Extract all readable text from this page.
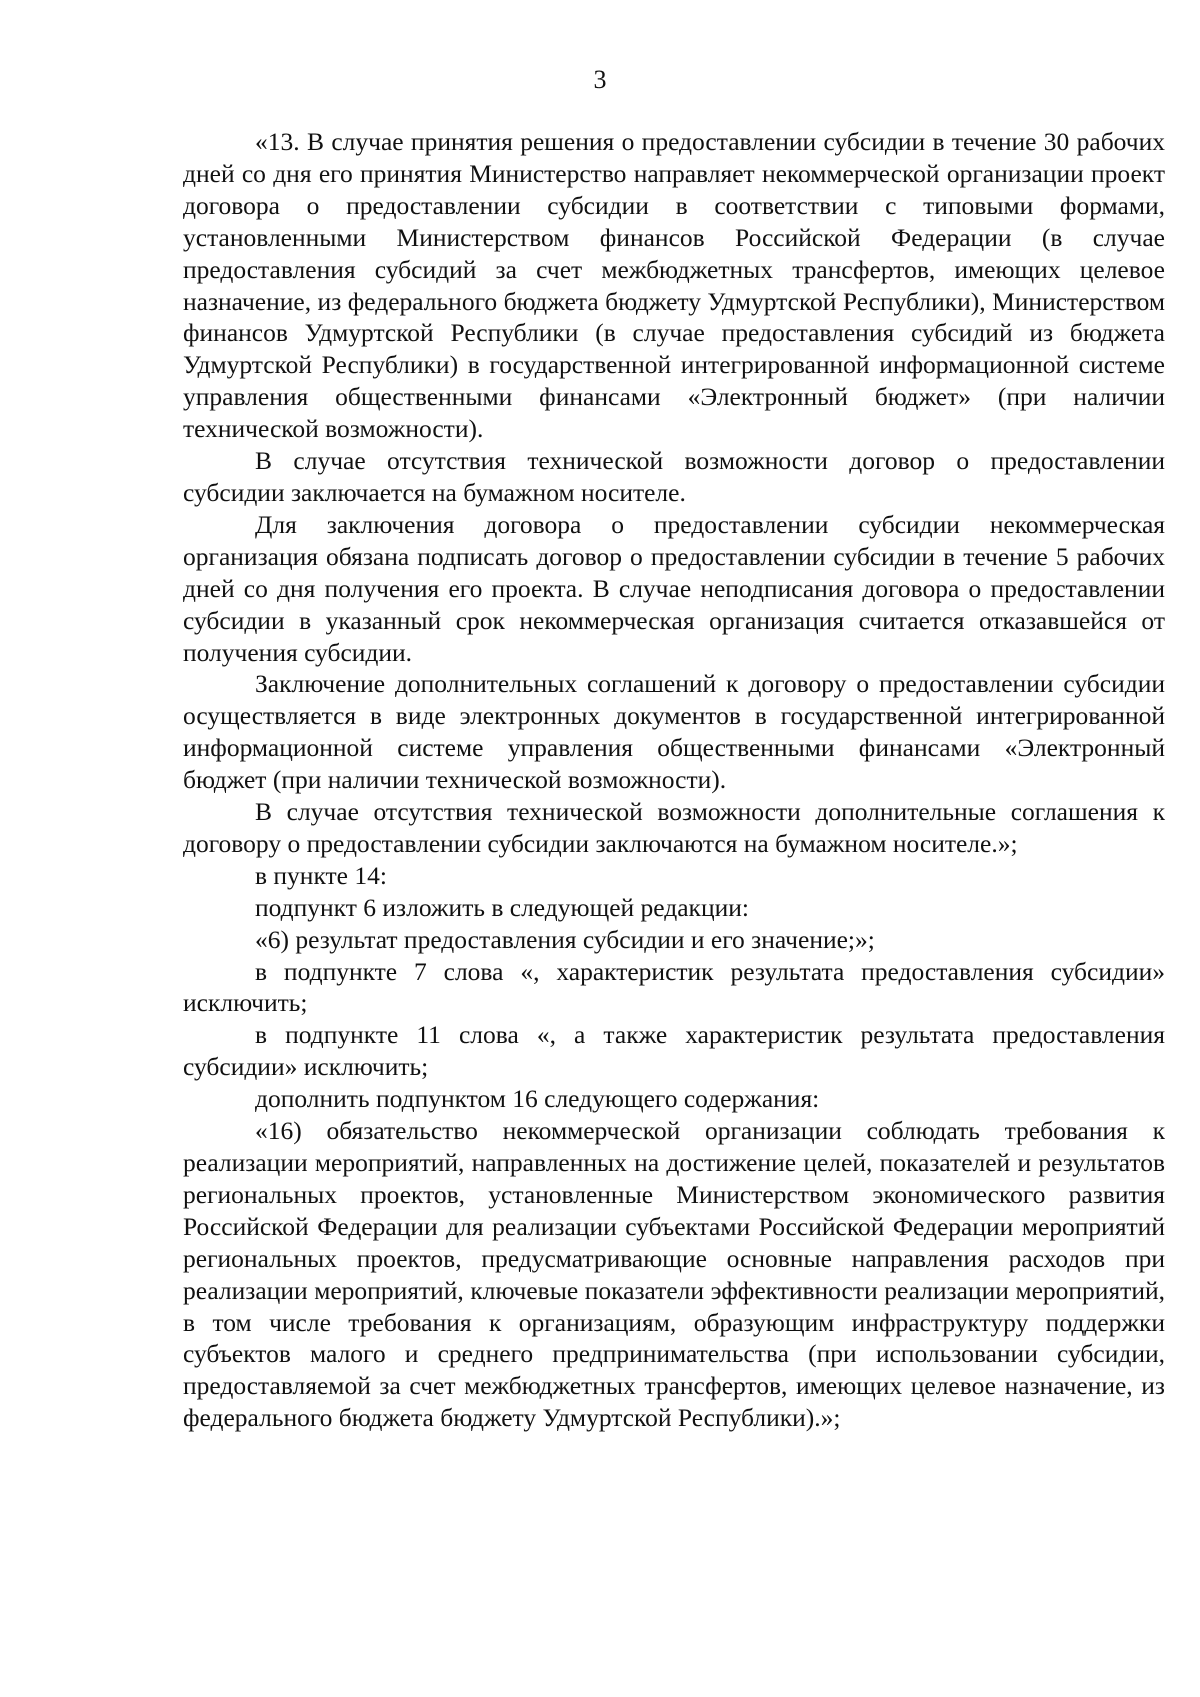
3

«13. В случае принятия решения о предоставлении субсидии в течение 30 рабочих дней со дня его принятия Министерство направляет некоммерческой организации проект договора о предоставлении субсидии в соответствии с типовыми формами, установленными Министерством финансов Российской Федерации (в случае предоставления субсидий за счет межбюджетных трансфертов, имеющих целевое назначение, из федерального бюджета бюджету Удмуртской Республики), Министерством финансов Удмуртской Республики (в случае предоставления субсидий из бюджета Удмуртской Республики) в государственной интегрированной информационной системе управления общественными финансами «Электронный бюджет» (при наличии технической возможности).

В случае отсутствия технической возможности договор о предоставлении субсидии заключается на бумажном носителе.

Для заключения договора о предоставлении субсидии некоммерческая организация обязана подписать договор о предоставлении субсидии в течение 5 рабочих дней со дня получения его проекта. В случае неподписания договора о предоставлении субсидии в указанный срок некоммерческая организация считается отказавшейся от получения субсидии.

Заключение дополнительных соглашений к договору о предоставлении субсидии осуществляется в виде электронных документов в государственной интегрированной информационной системе управления общественными финансами «Электронный бюджет (при наличии технической возможности).

В случае отсутствия технической возможности дополнительные соглашения к договору о предоставлении субсидии заключаются на бумажном носителе.»;

в пункте 14:

подпункт 6 изложить в следующей редакции:

«6) результат предоставления субсидии и его значение;»;

в подпункте 7 слова «, характеристик результата предоставления субсидии» исключить;

в подпункте 11 слова «, а также характеристик результата предоставления субсидии» исключить;

дополнить подпунктом 16 следующего содержания:

«16) обязательство некоммерческой организации соблюдать требования к реализации мероприятий, направленных на достижение целей, показателей и результатов региональных проектов, установленные Министерством экономического развития Российской Федерации для реализации субъектами Российской Федерации мероприятий региональных проектов, предусматривающие основные направления расходов при реализации мероприятий, ключевые показатели эффективности реализации мероприятий, в том числе требования к организациям, образующим инфраструктуру поддержки субъектов малого и среднего предпринимательства (при использовании субсидии, предоставляемой за счет межбюджетных трансфертов, имеющих целевое назначение, из федерального бюджета бюджету Удмуртской Республики).»;
